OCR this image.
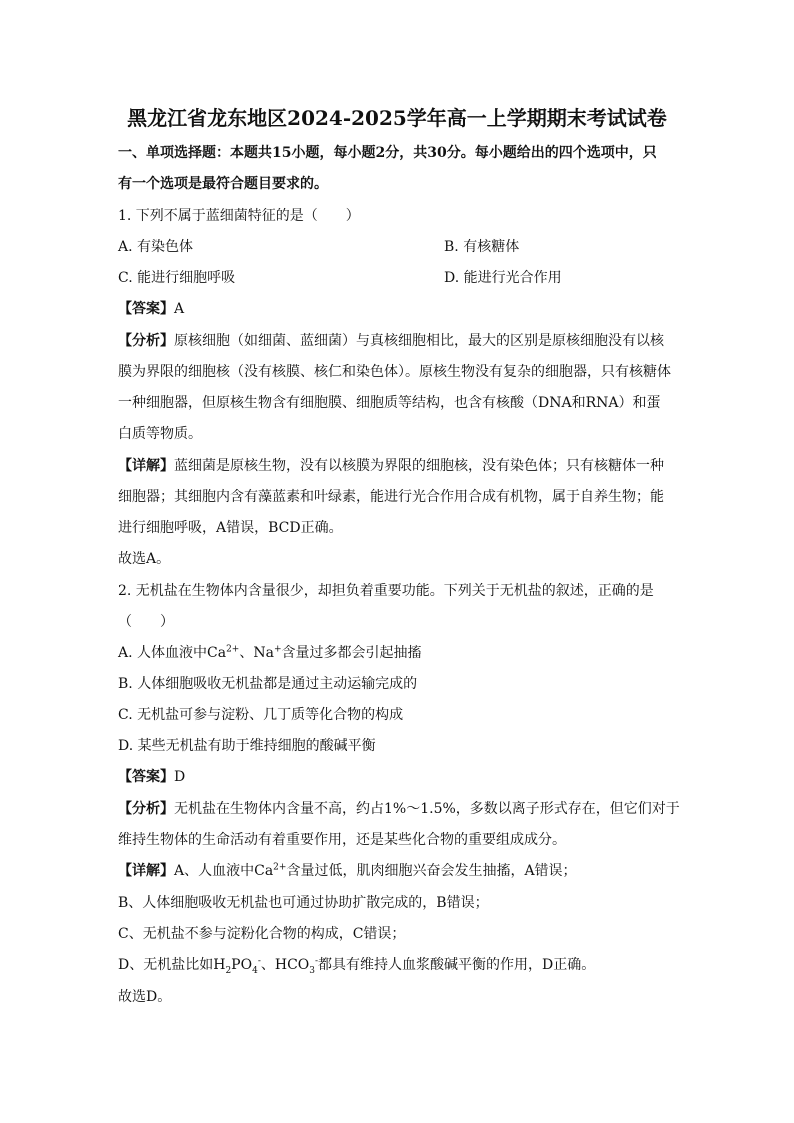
黑龙江省龙东地区2024-2025学年高一上学期期末考试试卷
一、单项选择题：本题共15小题，每小题2分，共30分。每小题给出的四个选项中，只
有一个选项是最符合题目要求的。
1. 下列不属于蓝细菌特征的是（　　）
A. 有染色体	B. 有核糖体
C. 能进行细胞呼吸	D. 能进行光合作用
【答案】A
【分析】原核细胞（如细菌、蓝细菌）与真核细胞相比，最大的区别是原核细胞没有以核
膜为界限的细胞核（没有核膜、核仁和染色体）。原核生物没有复杂的细胞器，只有核糖体
一种细胞器，但原核生物含有细胞膜、细胞质等结构，也含有核酸（DNA和RNA）和蛋
白质等物质。
【详解】蓝细菌是原核生物，没有以核膜为界限的细胞核，没有染色体；只有核糖体一种
细胞器；其细胞内含有藻蓝素和叶绿素，能进行光合作用合成有机物，属于自养生物；能
进行细胞呼吸，A错误，BCD正确。
故选A。
2. 无机盐在生物体内含量很少，却担负着重要功能。下列关于无机盐的叙述，正确的是
（　　）
A. 人体血液中$Ca^{2+}$、Na+含量过多都会引起抽搐
B. 人体细胞吸收无机盐都是通过主动运输完成的
C. 无机盐可参与淀粉、几丁质等化合物的构成
D. 某些无机盐有助于维持细胞的酸碱平衡
【答案】D
【分析】无机盐在生物体内含量不高，约占1%～1.5%，多数以离子形式存在，但它们对于
维持生物体的生命活动有着重要作用，还是某些化合物的重要组成成分。
【详解】A、人血液中$Ca^{2+}$含量过低，肌肉细胞兴奋会发生抽搐，A错误；
B、人体细胞吸收无机盐也可通过协助扩散完成的，B错误；
C、无机盐不参与淀粉化合物的构成，C错误；
D、无机盐比如$H_2PO_4^-$、$HCO_3^-$都具有维持人血浆酸碱平衡的作用，D正确。
故选D。
